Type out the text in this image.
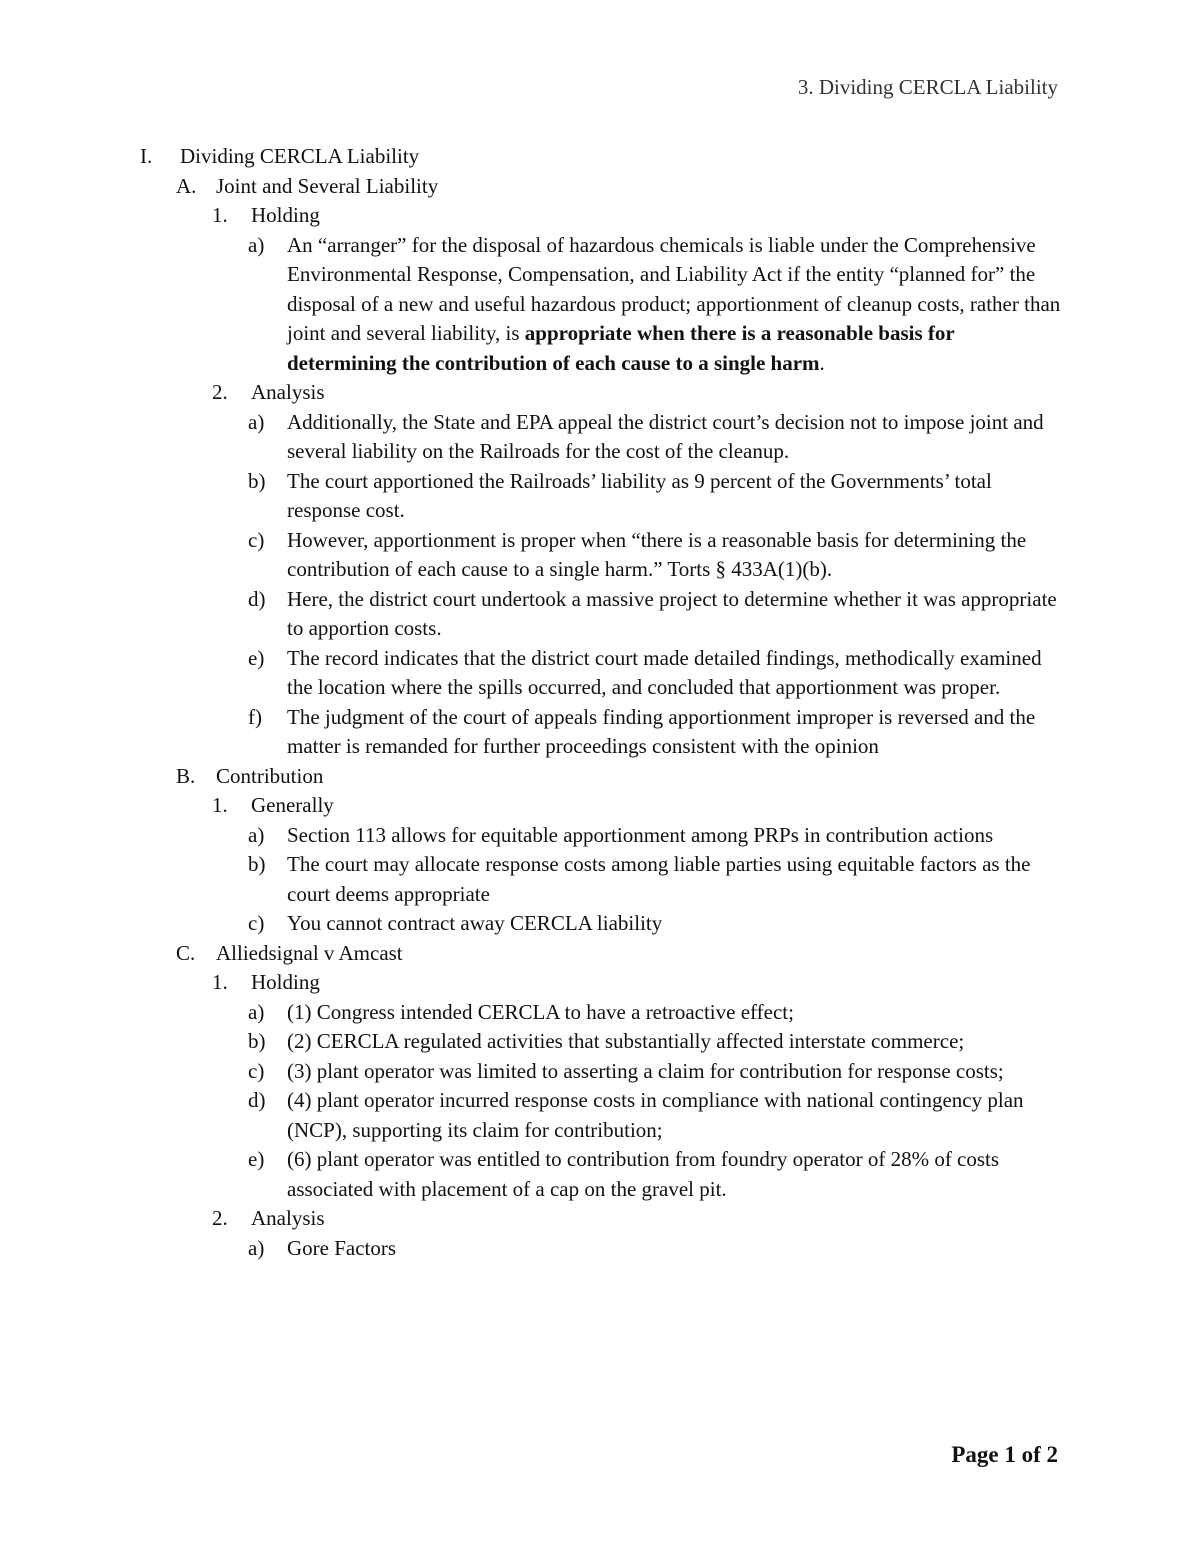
3. Dividing CERCLA Liability
I. Dividing CERCLA Liability
A. Joint and Several Liability
1. Holding
a) An “arranger” for the disposal of hazardous chemicals is liable under the Comprehensive Environmental Response, Compensation, and Liability Act if the entity “planned for” the disposal of a new and useful hazardous product; apportionment of cleanup costs, rather than joint and several liability, is appropriate when there is a reasonable basis for determining the contribution of each cause to a single harm.
2. Analysis
a) Additionally, the State and EPA appeal the district court’s decision not to impose joint and several liability on the Railroads for the cost of the cleanup.
b) The court apportioned the Railroads’ liability as 9 percent of the Governments’ total response cost.
c) However, apportionment is proper when “there is a reasonable basis for determining the contribution of each cause to a single harm.” Torts § 433A(1)(b).
d) Here, the district court undertook a massive project to determine whether it was appropriate to apportion costs.
e) The record indicates that the district court made detailed findings, methodically examined the location where the spills occurred, and concluded that apportionment was proper.
f) The judgment of the court of appeals finding apportionment improper is reversed and the matter is remanded for further proceedings consistent with the opinion
B. Contribution
1. Generally
a) Section 113 allows for equitable apportionment among PRPs in contribution actions
b) The court may allocate response costs among liable parties using equitable factors as the court deems appropriate
c) You cannot contract away CERCLA liability
C. Alliedsignal v Amcast
1. Holding
a) (1) Congress intended CERCLA to have a retroactive effect;
b) (2) CERCLA regulated activities that substantially affected interstate commerce;
c) (3) plant operator was limited to asserting a claim for contribution for response costs;
d) (4) plant operator incurred response costs in compliance with national contingency plan (NCP), supporting its claim for contribution;
e) (6) plant operator was entitled to contribution from foundry operator of 28% of costs associated with placement of a cap on the gravel pit.
2. Analysis
a) Gore Factors
Page 1 of 2
